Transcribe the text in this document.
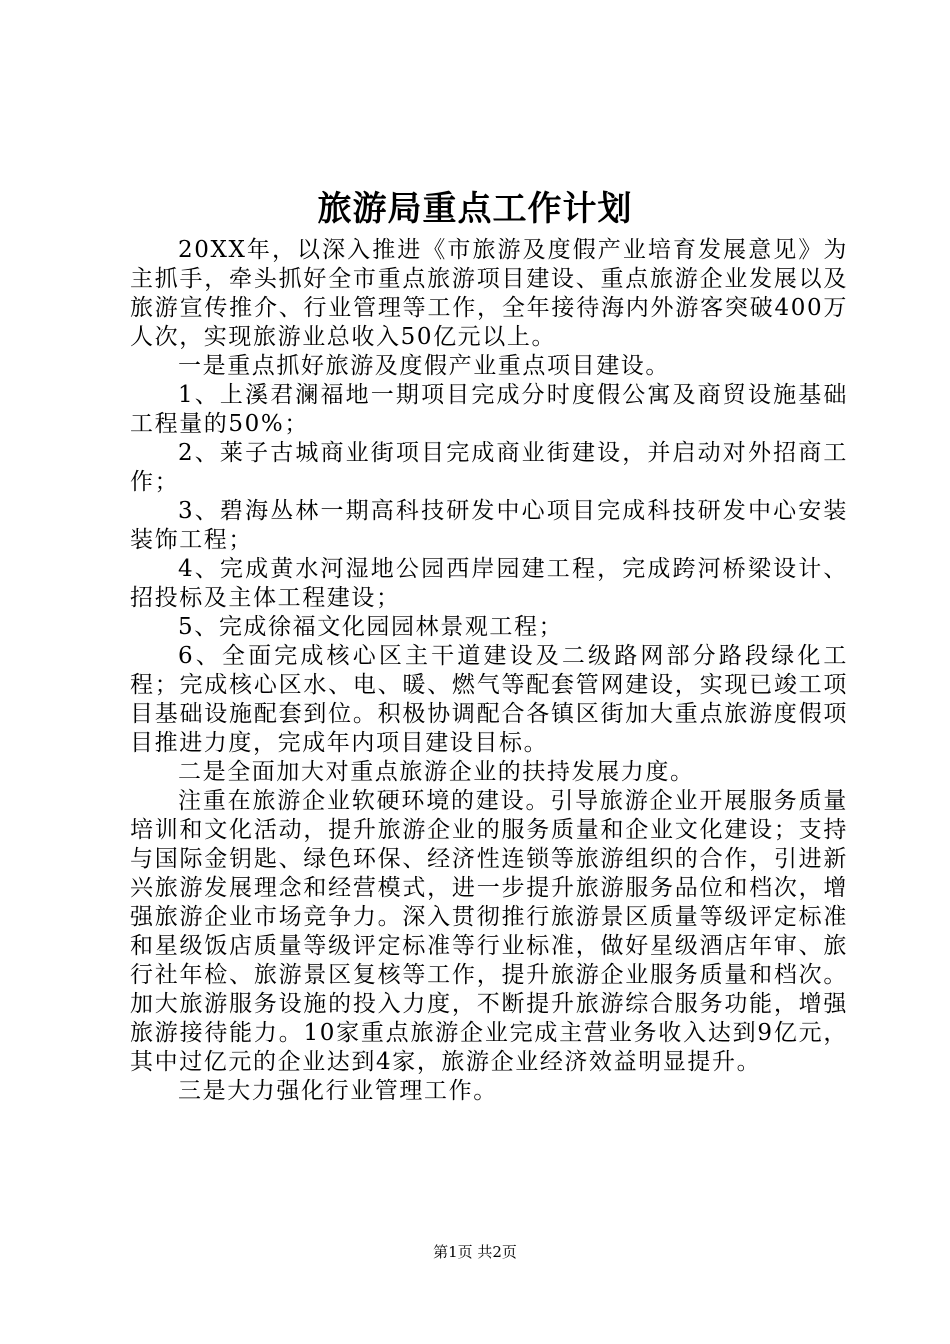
旅游局重点工作计划

20XX年，以深入推进《市旅游及度假产业培育发展意见》为主抓手，牵头抓好全市重点旅游项目建设、重点旅游企业发展以及旅游宣传推介、行业管理等工作，全年接待海内外游客突破400万人次，实现旅游业总收入50亿元以上。

一是重点抓好旅游及度假产业重点项目建设。

1、上溪君澜福地一期项目完成分时度假公寓及商贸设施基础工程量的50%；

2、莱子古城商业街项目完成商业街建设，并启动对外招商工作；

3、碧海丛林一期高科技研发中心项目完成科技研发中心安装装饰工程；

4、完成黄水河湿地公园西岸园建工程，完成跨河桥梁设计、招投标及主体工程建设；

5、完成徐福文化园园林景观工程；

6、全面完成核心区主干道建设及二级路网部分路段绿化工程；完成核心区水、电、暖、燃气等配套管网建设，实现已竣工项目基础设施配套到位。积极协调配合各镇区街加大重点旅游度假项目推进力度，完成年内项目建设目标。

二是全面加大对重点旅游企业的扶持发展力度。

注重在旅游企业软硬环境的建设。引导旅游企业开展服务质量培训和文化活动，提升旅游企业的服务质量和企业文化建设；支持与国际金钥匙、绿色环保、经济性连锁等旅游组织的合作，引进新兴旅游发展理念和经营模式，进一步提升旅游服务品位和档次，增强旅游企业市场竞争力。深入贯彻推行旅游景区质量等级评定标准和星级饭店质量等级评定标准等行业标准，做好星级酒店年审、旅行社年检、旅游景区复核等工作，提升旅游企业服务质量和档次。加大旅游服务设施的投入力度，不断提升旅游综合服务功能，增强旅游接待能力。10家重点旅游企业完成主营业务收入达到9亿元，其中过亿元的企业达到4家，旅游企业经济效益明显提升。

三是大力强化行业管理工作。

第1页 共2页
